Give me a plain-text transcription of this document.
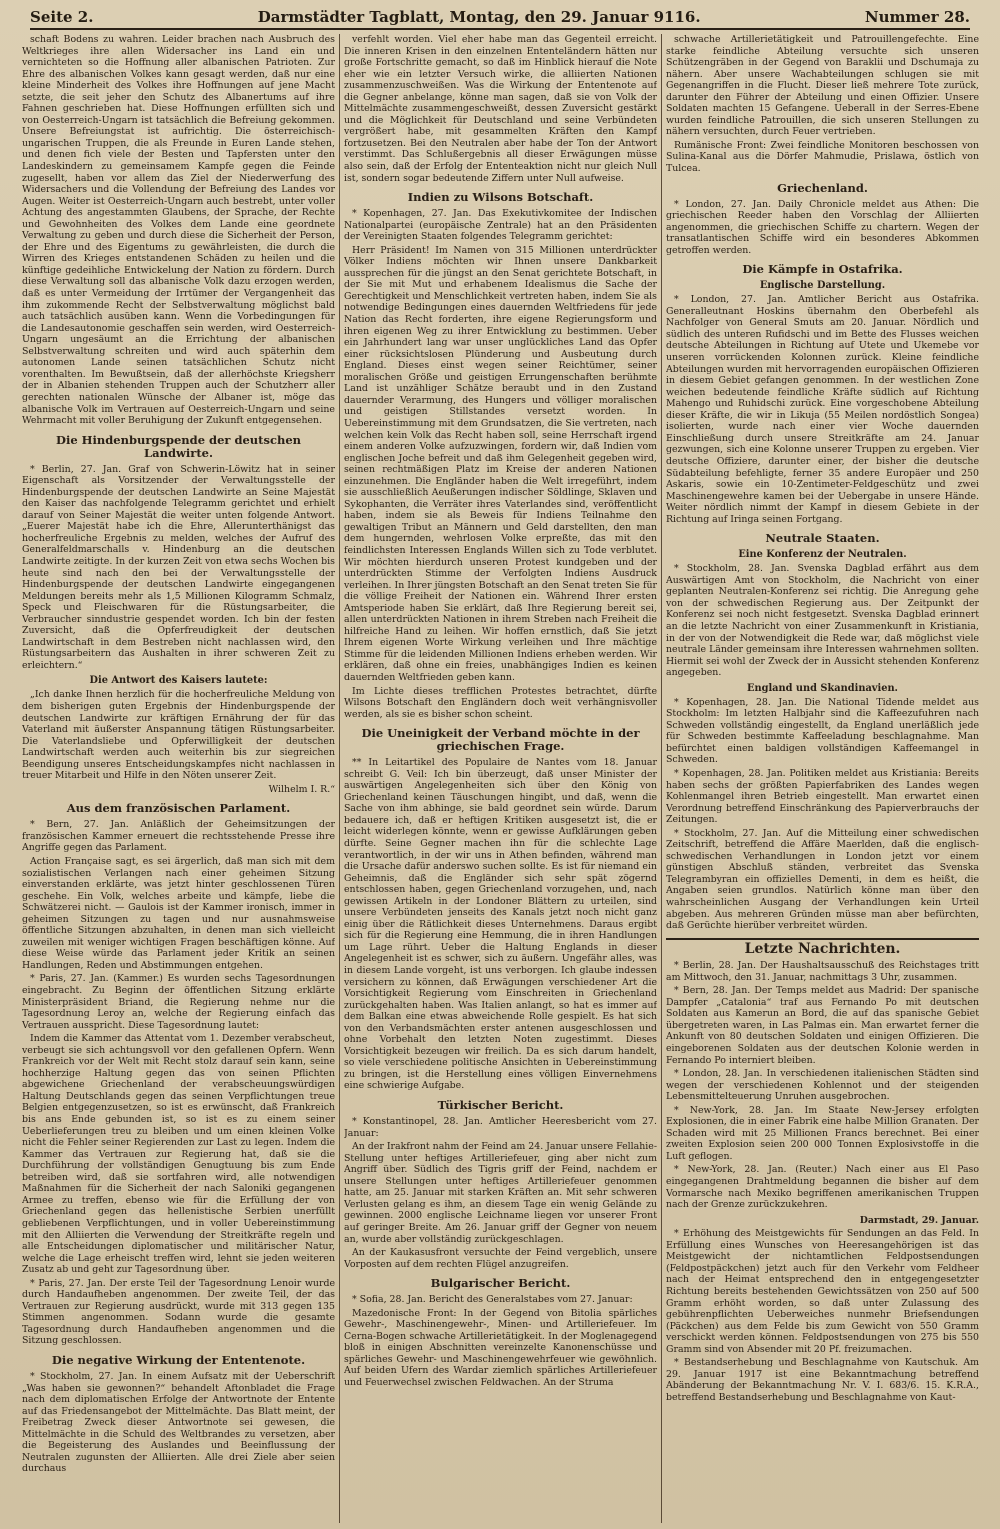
Seite 2.	Darmstädter Tagblatt, Montag, den 29. Januar 9116.	Nummer 28.

schaft Bodens zu wahren. Leider brachen nach Ausbruch des Weltkrieges ihre allen Widersacher ins Land ein und vernichteten so die Hoffnung aller albanischen Patrioten. Zur Ehre des albanischen Volkes kann gesagt werden, daß nur eine kleine Minderheit des Volkes ihre Hoffnungen auf jene Macht setzte, die seit jeher den Schutz des Albanertums auf ihre Fahnen geschrieben hat. Diese Hoffnungen erfüllten sich und von Oesterreich-Ungarn ist tatsächlich die Befreiung gekommen. Unsere Befreiungstat ist aufrichtig. Die österreichisch-ungarischen Truppen, die als Freunde in Euren Lande stehen, und denen fich viele der Besten und Tapfersten unter den Landeskindern zu gemeinsamem Kampfe gegen die Feinde zugesellt, haben vor allem das Ziel der Niederwerfung des Widersachers und die Vollendung der Befreiung des Landes vor Augen. Weiter ist Oesterreich-Ungarn auch bestrebt, unter voller Achtung des angestammten Glaubens, der Sprache, der Rechte und Gewohnheiten des Volkes dem Lande eine geordnete Verwaltung zu geben und durch diese die Sicherheit der Person, der Ehre und des Eigentums zu gewährleisten, die durch die Wirren des Krieges entstandenen Schäden zu heilen und die künftige gedeihliche Entwickelung der Nation zu fördern. Durch diese Verwaltung soll das albanische Volk dazu erzogen werden, daß es unter Vermeidung der Irrtümer der Vergangenheit das ihm zukommende Recht der Selbstverwaltung möglichst bald auch tatsächlich ausüben kann. Wenn die Vorbedingungen für die Landesautonomie geschaffen sein werden, wird Oesterreich-Ungarn ungesäumt an die Errichtung der albanischen Selbstverwaltung schreiten und wird auch späterhin dem autonomen Lande seinen tatsächlichen Schutz nicht vorenthalten. Im Bewußtsein, daß der allerhöchste Kriegsherr der in Albanien stehenden Truppen auch der Schutzherr aller gerechten nationalen Wünsche der Albaner ist, möge das albanische Volk im Vertrauen auf Oesterreich-Ungarn und seine Wehrmacht mit voller Beruhigung der Zukunft entgegensehen.

Die Hindenburgspende der deutschen Landwirte.

* Berlin, 27. Jan. Graf von Schwerin-Löwitz hat in seiner Eigenschaft als Vorsitzender der Verwaltungsstelle der Hindenburgspende der deutschen Landwirte an Seine Majestät den Kaiser das nachfolgende Telegramm gerichtet und erhielt darauf von Seiner Majestät die weiter unten folgende Antwort. „Euerer Majestät habe ich die Ehre, Allerunterthänigst das hocherfreuliche Ergebnis zu melden, welches der Aufruf des Generalfeldmarschalls v. Hindenburg an die deutschen Landwirte zeitigte. In der kurzen Zeit von etwa sechs Wochen bis heute sind nach den bei der Verwaltungsstelle der Hindenburgspende der deutschen Landwirte eingegangenen Meldungen bereits mehr als 1,5 Millionen Kilogramm Schmalz, Speck und Fleischwaren für die Rüstungsarbeiter, die Verbraucher sinndustrie gespendet worden. Ich bin der festen Zuversicht, daß die Opferfreudigkeit der deutschen Landwirtschaft in dem Bestreben nicht nachlassen wird, den Rüstungsarbeitern das Aushalten in ihrer schweren Zeit zu erleichtern.“

Die Antwort des Kaisers lautete:

„Ich danke Ihnen herzlich für die hocherfreuliche Meldung von dem bisherigen guten Ergebnis der Hindenburgspende der deutschen Landwirte zur kräftigen Ernährung der für das Vaterland mit äußerster Anspannung tätigen Rüstungsarbeiter. Die Vaterlandsliebe und Opferwilligkeit der deutschen Landwirtschaft werden auch weiterhin bis zur siegreichen Beendigung unseres Entscheidungskampfes nicht nachlassen in treuer Mitarbeit und Hilfe in den Nöten unserer Zeit.

Wilhelm I. R.“
Aus dem französischen Parlament.

* Bern, 27. Jan. Anläßlich der Geheimsitzungen der französischen Kammer erneuert die rechtsstehende Presse ihre Angriffe gegen das Parlament.

Action Française sagt, es sei ärgerlich, daß man sich mit dem sozialistischen Verlangen nach einer geheimen Sitzung einverstanden erklärte, was jetzt hinter geschlossenen Türen geschehe. Ein Volk, welches arbeite und kämpfe, liebe die Schwätzerei nicht. — Gaulois ist der Kammer ironisch, immer in geheimen Sitzungen zu tagen und nur ausnahmsweise öffentliche Sitzungen abzuhalten, in denen man sich vielleicht zuweilen mit weniger wichtigen Fragen beschäftigen könne. Auf diese Weise würde das Parlament jeder Kritik an seinen Handlungen, Reden und Abstimmungen entgehen.

* Paris, 27. Jan. (Kammer.) Es wurden sechs Tagesordnungen eingebracht. Zu Beginn der öffentlichen Sitzung erklärte Ministerpräsident Briand, die Regierung nehme nur die Tagesordnung Leroy an, welche der Regierung einfach das Vertrauen ausspricht. Diese Tagesordnung lautet:

Indem die Kammer das Attentat vom 1. Dezember verabscheut, verbeugt sie sich achtungsvoll vor den gefallenen Opfern. Wenn Frankreich vor der Welt mit Recht stolz darauf sein kann, seine hochherzige Haltung gegen das von seinen Pflichten abgewichene Griechenland der verabscheuungswürdigen Haltung Deutschlands gegen das seinen Verpflichtungen treue Belgien entgegenzusetzen, so ist es erwünscht, daß Frankreich bis ans Ende gebunden ist, so ist es zu einem seiner Ueberlieferungen treu zu bleiben und um einen kleinen Volke nicht die Fehler seiner Regierenden zur Last zu legen. Indem die Kammer das Vertrauen zur Regierung hat, daß sie die Durchführung der vollständigen Genugtuung bis zum Ende betreiben wird, daß sie sortfahren wird, alle notwendigen Maßnahmen für die Sicherheit der nach Saloniki gegangenen Armee zu treffen, ebenso wie für die Erfüllung der von Griechenland gegen das hellenistische Serbien unerfüllt gebliebenen Verpflichtungen, und in voller Uebereinstimmung mit den Alliierten die Verwendung der Streitkräfte regeln und alle Entscheidungen diplomatischer und militärischer Natur, welche die Lage erheischt treffen wird, lehnt sie jeden weiteren Zusatz ab und geht zur Tagesordnung über.

* Paris, 27. Jan. Der erste Teil der Tagesordnung Lenoir wurde durch Handaufheben angenommen. Der zweite Teil, der das Vertrauen zur Regierung ausdrückt, wurde mit 313 gegen 135 Stimmen angenommen. Sodann wurde die gesamte Tagesordnung durch Handaufheben angenommen und die Sitzung geschlossen.

Die negative Wirkung der Ententenote.

* Stockholm, 27. Jan. In einem Aufsatz mit der Ueberschrift „Was haben sie gewonnen?“ behandelt Aftonbladet die Frage nach dem diplomatischen Erfolge der Antwortnote der Entente auf das Friedensangebot der Mittelmächte. Das Blatt meint, der Freibetrag Zweck dieser Antwortnote sei gewesen, die Mittelmächte in die Schuld des Weltbrandes zu versetzen, aber die Begeisterung des Auslandes und Beeinflussung der Neutralen zugunsten der Alliierten. Alle drei Ziele aber seien durchaus

verfehlt worden. Viel eher habe man das Gegenteil erreicht. Die inneren Krisen in den einzelnen Ententeländern hätten nur große Fortschritte gemacht, so daß im Hinblick hierauf die Note eher wie ein letzter Versuch wirke, die alliierten Nationen zusammenzuschweißen. Was die Wirkung der Ententenote auf die Gegner anbelange, könne man sagen, daß sie von Volk der Mittelmächte zusammengeschweißt, dessen Zuversicht gestärkt und die Möglichkeit für Deutschland und seine Verbündeten vergrößert habe, mit gesammelten Kräften den Kampf fortzusetzen. Bei den Neutralen aber habe der Ton der Antwort verstimmt. Das Schlußergebnis all dieser Erwägungen müsse also sein, daß der Erfolg der Ententeaktion nicht nur gleich Null ist, sondern sogar bedeutende Ziffern unter Null aufweise.

Indien zu Wilsons Botschaft.

* Kopenhagen, 27. Jan. Das Exekutivkomitee der Indischen Nationalpartei (europäische Zentrale) hat an den Präsidenten der Vereinigten Staaten folgendes Telegramm gerichtet:

Herr Präsident! Im Namen von 315 Millionen unterdrückter Völker Indiens möchten wir Ihnen unsere Dankbarkeit aussprechen für die jüngst an den Senat gerichtete Botschaft, in der Sie mit Mut und erhabenem Idealismus die Sache der Gerechtigkeit und Menschlichkeit vertreten haben, indem Sie als notwendige Bedingungen eines dauernden Weltfriedens für jede Nation das Recht forderten, ihre eigene Regierungsform und ihren eigenen Weg zu ihrer Entwicklung zu bestimmen. Ueber ein Jahrhundert lang war unser unglückliches Land das Opfer einer rücksichtslosen Plünderung und Ausbeutung durch England. Dieses einst wegen seiner Reichtümer, seiner moralischen Größe und geistigen Errungenschaften berühmte Land ist unzähliger Schätze beraubt und in den Zustand dauernder Verarmung, des Hungers und völliger moralischen und geistigen Stillstandes versetzt worden. In Uebereinstimmung mit dem Grundsatzen, die Sie vertreten, nach welchen kein Volk das Recht haben soll, seine Herrschaft irgend einem anderen Volke aufzuzwingen, fordern wir, daß Indien vom englischen Joche befreit und daß ihm Gelegenheit gegeben wird, seinen rechtmäßigen Platz im Kreise der anderen Nationen einzunehmen. Die Engländer haben die Welt irregeführt, indem sie ausschließlich Aeußerungen indischer Söldlinge, Sklaven und Sykophanten, die Verräter ihres Vaterlandes sind, veröffentlicht haben, indem sie als Beweis für Indiens Teilnahme den gewaltigen Tribut an Männern und Geld darstellten, den man dem hungernden, wehrlosen Volke erpreßte, das mit den feindlichsten Interessen Englands Willen sich zu Tode verblutet. Wir möchten hierdurch unseren Protest kundgeben und der unterdrückten Stimme der Verfolgten Indiens Ausdruck verleihen. In Ihrer jüngsten Botschaft an den Senat treten Sie für die völlige Freiheit der Nationen ein. Während Ihrer ersten Amtsperiode haben Sie erklärt, daß Ihre Regierung bereit sei, allen unterdrückten Nationen in ihrem Streben nach Freiheit die hilfreiche Hand zu leihen. Wir hoffen ernstlich, daß Sie jetzt Ihrem eigenen Worte Wirkung verleihen und Ihre mächtige Stimme für die leidenden Millionen Indiens erheben werden. Wir erklären, daß ohne ein freies, unabhängiges Indien es keinen dauernden Weltfrieden geben kann.

Im Lichte dieses trefflichen Protestes betrachtet, dürfte Wilsons Botschaft den Engländern doch weit verhängnisvoller werden, als sie es bisher schon scheint.

Die Uneinigkeit der Verband möchte in der griechischen Frage.

** In Leitartikel des Populaire de Nantes vom 18. Januar schreibt G. Veil: Ich bin überzeugt, daß unser Minister der auswärtigen Angelegenheiten sich über den König von Griechenland keinen Täuschungen hingibt, und daß, wenn die Sache von ihm abhinge, sie bald geordnet sein würde. Darum bedauere ich, daß er heftigen Kritiken ausgesetzt ist, die er leicht widerlegen könnte, wenn er gewisse Aufklärungen geben dürfte. Seine Gegner machen ihn für die schlechte Lage verantwortlich, in der wir uns in Athen befinden, während man die Ursache dafür anderswo suchen sollte. Es ist für niemand ein Geheimnis, daß die Engländer sich sehr spät zögernd entschlossen haben, gegen Griechenland vorzugehen, und, nach gewissen Artikeln in der Londoner Blättern zu urteilen, sind unsere Verbündeten jenseits des Kanals jetzt noch nicht ganz einig über die Rätlichkeit dieses Unternehmens. Daraus ergibt sich für die Regierung eine Hemmung, die in ihren Handlungen um Lage rührt. Ueber die Haltung Englands in dieser Angelegenheit ist es schwer, sich zu äußern. Ungefähr alles, was in diesem Lande vorgeht, ist uns verborgen. Ich glaube indessen versichern zu können, daß Erwägungen verschiedener Art die Vorsichtigkeit Regierung vom Einschreiten in Griechenland zurückgehalten haben. Was Italien anlangt, so hat es immer auf dem Balkan eine etwas abweichende Rolle gespielt. Es hat sich von den Verbandsmächten erster antenen ausgeschlossen und ohne Vorbehalt den letzten Noten zugestimmt. Dieses Vorsichtigkeit bezeugen wir freilich. Da es sich darum handelt, so viele verschiedene politische Ansichten in Uebereinstimmung zu bringen, ist die Herstellung eines völligen Einvernehmens eine schwierige Aufgabe.

Türkischer Bericht.

* Konstantinopel, 28. Jan. Amtlicher Heeresbericht vom 27. Januar:

An der Irakfront nahm der Feind am 24. Januar unsere Fellahie-Stellung unter heftiges Artilleriefeuer, ging aber nicht zum Angriff über. Südlich des Tigris griff der Feind, nachdem er unsere Stellungen unter heftiges Artilleriefeuer genommen hatte, am 25. Januar mit starken Kräften an. Mit sehr schweren Verlusten gelang es ihm, an diesem Tage ein wenig Gelände zu gewinnen. 2000 englische Leichname liegen vor unserer Front auf geringer Breite. Am 26. Januar griff der Gegner von neuem an, wurde aber vollständig zurückgeschlagen.

An der Kaukasusfront versuchte der Feind vergeblich, unsere Vorposten auf dem rechten Flügel anzugreifen.

Bulgarischer Bericht.

* Sofia, 28. Jan. Bericht des Generalstabes vom 27. Januar:

Mazedonische Front: In der Gegend von Bitolia spärliches Gewehr-, Maschinengewehr-, Minen- und Artilleriefeuer. Im Cerna-Bogen schwache Artillerietätigkeit. In der Moglenagegend bloß in einigen Abschnitten vereinzelte Kanonenschüsse und spärliches Gewehr- und Maschinengewehrfeuer wie gewöhnlich. Auf beiden Ufern des Wardar ziemlich spärliches Artilleriefeuer und Feuerwechsel zwischen Feldwachen. An der Struma

schwache Artillerietätigkeit und Patrouillengefechte. Eine starke feindliche Abteilung versuchte sich unseren Schützengräben in der Gegend von Baraklii und Dschumaja zu nähern. Aber unsere Wachabteilungen schlugen sie mit Gegenangriffen in die Flucht. Dieser ließ mehrere Tote zurück, darunter den Führer der Abteilung und einen Offizier. Unsere Soldaten machten 15 Gefangene. Ueberall in der Serres-Ebene wurden feindliche Patrouillen, die sich unseren Stellungen zu nähern versuchten, durch Feuer vertrieben.

Rumänische Front: Zwei feindliche Monitoren beschossen von Sulina-Kanal aus die Dörfer Mahmudie, Prislawa, östlich von Tulcea.

Griechenland.

* London, 27. Jan. Daily Chronicle meldet aus Athen: Die griechischen Reeder haben den Vorschlag der Alliierten angenommen, die griechischen Schiffe zu chartern. Wegen der transatlantischen Schiffe wird ein besonderes Abkommen getroffen werden.

Die Kämpfe in Ostafrika.
Englische Darstellung.

* London, 27. Jan. Amtlicher Bericht aus Ostafrika. Generalleutnant Hoskins übernahm den Oberbefehl als Nachfolger von General Smuts am 20. Januar. Nördlich und südlich des unteren Rufidschi und im Bette des Flusses weichen deutsche Abteilungen in Richtung auf Utete und Ukemebe vor unseren vorrückenden Kolonnen zurück. Kleine feindliche Abteilungen wurden mit hervorragenden europäischen Offizieren in diesem Gebiet gefangen genommen. In der westlichen Zone weichen bedeutende feindliche Kräfte südlich auf Richtung Mahengo und Ruhidschi zurück. Eine vorgeschobene Abteilung dieser Kräfte, die wir in Likuja (55 Meilen nordöstlich Songea) isolierten, wurde nach einer vier Woche dauernden Einschließung durch unsere Streitkräfte am 24. Januar gezwungen, sich eine Kolonne unserer Truppen zu ergeben. Vier deutsche Offiziere, darunter einer, der bisher die deutsche Südabteilung befehligte, ferner 35 andere Europäer und 250 Askaris, sowie ein 10-Zentimeter-Feldgeschütz und zwei Maschinengewehre kamen bei der Uebergabe in unsere Hände. Weiter nördlich nimmt der Kampf in diesem Gebiete in der Richtung auf Iringa seinen Fortgang.

Neutrale Staaten.
Eine Konferenz der Neutralen.

* Stockholm, 28. Jan. Svenska Dagblad erfährt aus dem Auswärtigen Amt von Stockholm, die Nachricht von einer geplanten Neutralen-Konferenz sei richtig. Die Anregung gehe von der schwedischen Regierung aus. Der Zeitpunkt der Konferenz sei noch nicht festgesetzt. Svenska Dagblad erinnert an die letzte Nachricht von einer Zusammenkunft in Kristiania, in der von der Notwendigkeit die Rede war, daß möglichst viele neutrale Länder gemeinsam ihre Interessen wahrnehmen sollten. Hiermit sei wohl der Zweck der in Aussicht stehenden Konferenz angegeben.

England und Skandinavien.

* Kopenhagen, 28. Jan. Die National Tidende meldet aus Stockholm: Im letzten Halbjahr sind die Kaffeezufuhren nach Schweden vollständig eingestellt, da England unerläßlich jede für Schweden bestimmte Kaffeeladung beschlagnahme. Man befürchtet einen baldigen vollständigen Kaffeemangel in Schweden.

* Kopenhagen, 28. Jan. Politiken meldet aus Kristiania: Bereits haben sechs der größten Papierfabriken des Landes wegen Kohlenmangel ihren Betrieb eingestellt. Man erwartet einen Verordnung betreffend Einschränkung des Papierverbrauchs der Zeitungen.

* Stockholm, 27. Jan. Auf die Mitteilung einer schwedischen Zeitschrift, betreffend die Affäre Maerlden, daß die englisch-schwedischen Verhandlungen in London jetzt vor einem günstigen Abschluß ständen, verbreitet das Svenska Telegrambyran ein offizielles Dementi, in dem es heißt, die Angaben seien grundlos. Natürlich könne man über den wahrscheinlichen Ausgang der Verhandlungen kein Urteil abgeben. Aus mehreren Gründen müsse man aber befürchten, daß Gerüchte hierüber verbreitet würden.

Letzte Nachrichten.

* Berlin, 28. Jan. Der Haushaltsausschuß des Reichstages tritt am Mittwoch, den 31. Januar, nachmittags 3 Uhr, zusammen.

* Bern, 28. Jan. Der Temps meldet aus Madrid: Der spanische Dampfer „Catalonia“ traf aus Fernando Po mit deutschen Soldaten aus Kamerun an Bord, die auf das spanische Gebiet übergetreten waren, in Las Palmas ein. Man erwartet ferner die Ankunft von 80 deutschen Soldaten und einigen Offizieren. Die eingeborenen Soldaten aus der deutschen Kolonie werden in Fernando Po interniert bleiben.

* London, 28. Jan. In verschiedenen italienischen Städten sind wegen der verschiedenen Kohlennot und der steigenden Lebensmittelteuerung Unruhen ausgebrochen.

* New-York, 28. Jan. Im Staate New-Jersey erfolgten Explosionen, die in einer Fabrik eine halbe Million Granaten. Der Schaden wird mit 25 Millionen Francs berechnet. Bei einer zweiten Explosion seien 200 000 Tonnen Explosivstoffe in die Luft geflogen.

* New-York, 28. Jan. (Reuter.) Nach einer aus El Paso eingegangenen Drahtmeldung begannen die bisher auf dem Vormarsche nach Mexiko begriffenen amerikanischen Truppen nach der Grenze zurückzukehren.

Darmstadt, 29. Januar.

* Erhöhung des Meistgewichts für Sendungen an das Feld. In Erfüllung eines Wunsches von Heeresangehörigen ist das Meistgewicht der nichtamtlichen Feldpostsendungen (Feldpostpäckchen) jetzt auch für den Verkehr vom Feldheer nach der Heimat entsprechend den in entgegengesetzter Richtung bereits bestehenden Gewichtssätzen von 250 auf 500 Gramm erhöht worden, so daß unter Zulassung des gebührenpflichten Ueberweiches nunmehr Briefsendungen (Päckchen) aus dem Felde bis zum Gewicht von 550 Gramm verschickt werden können. Feldpostsendungen von 275 bis 550 Gramm sind von Absender mit 20 Pf. freizumachen.

* Bestandserhebung und Beschlagnahme von Kautschuk. Am 29. Januar 1917 ist eine Bekanntmachung betreffend Abänderung der Bekanntmachung Nr. V. I. 683/6. 15. K.R.A., betreffend Bestandserhebung und Beschlagnahme von Kaut-
